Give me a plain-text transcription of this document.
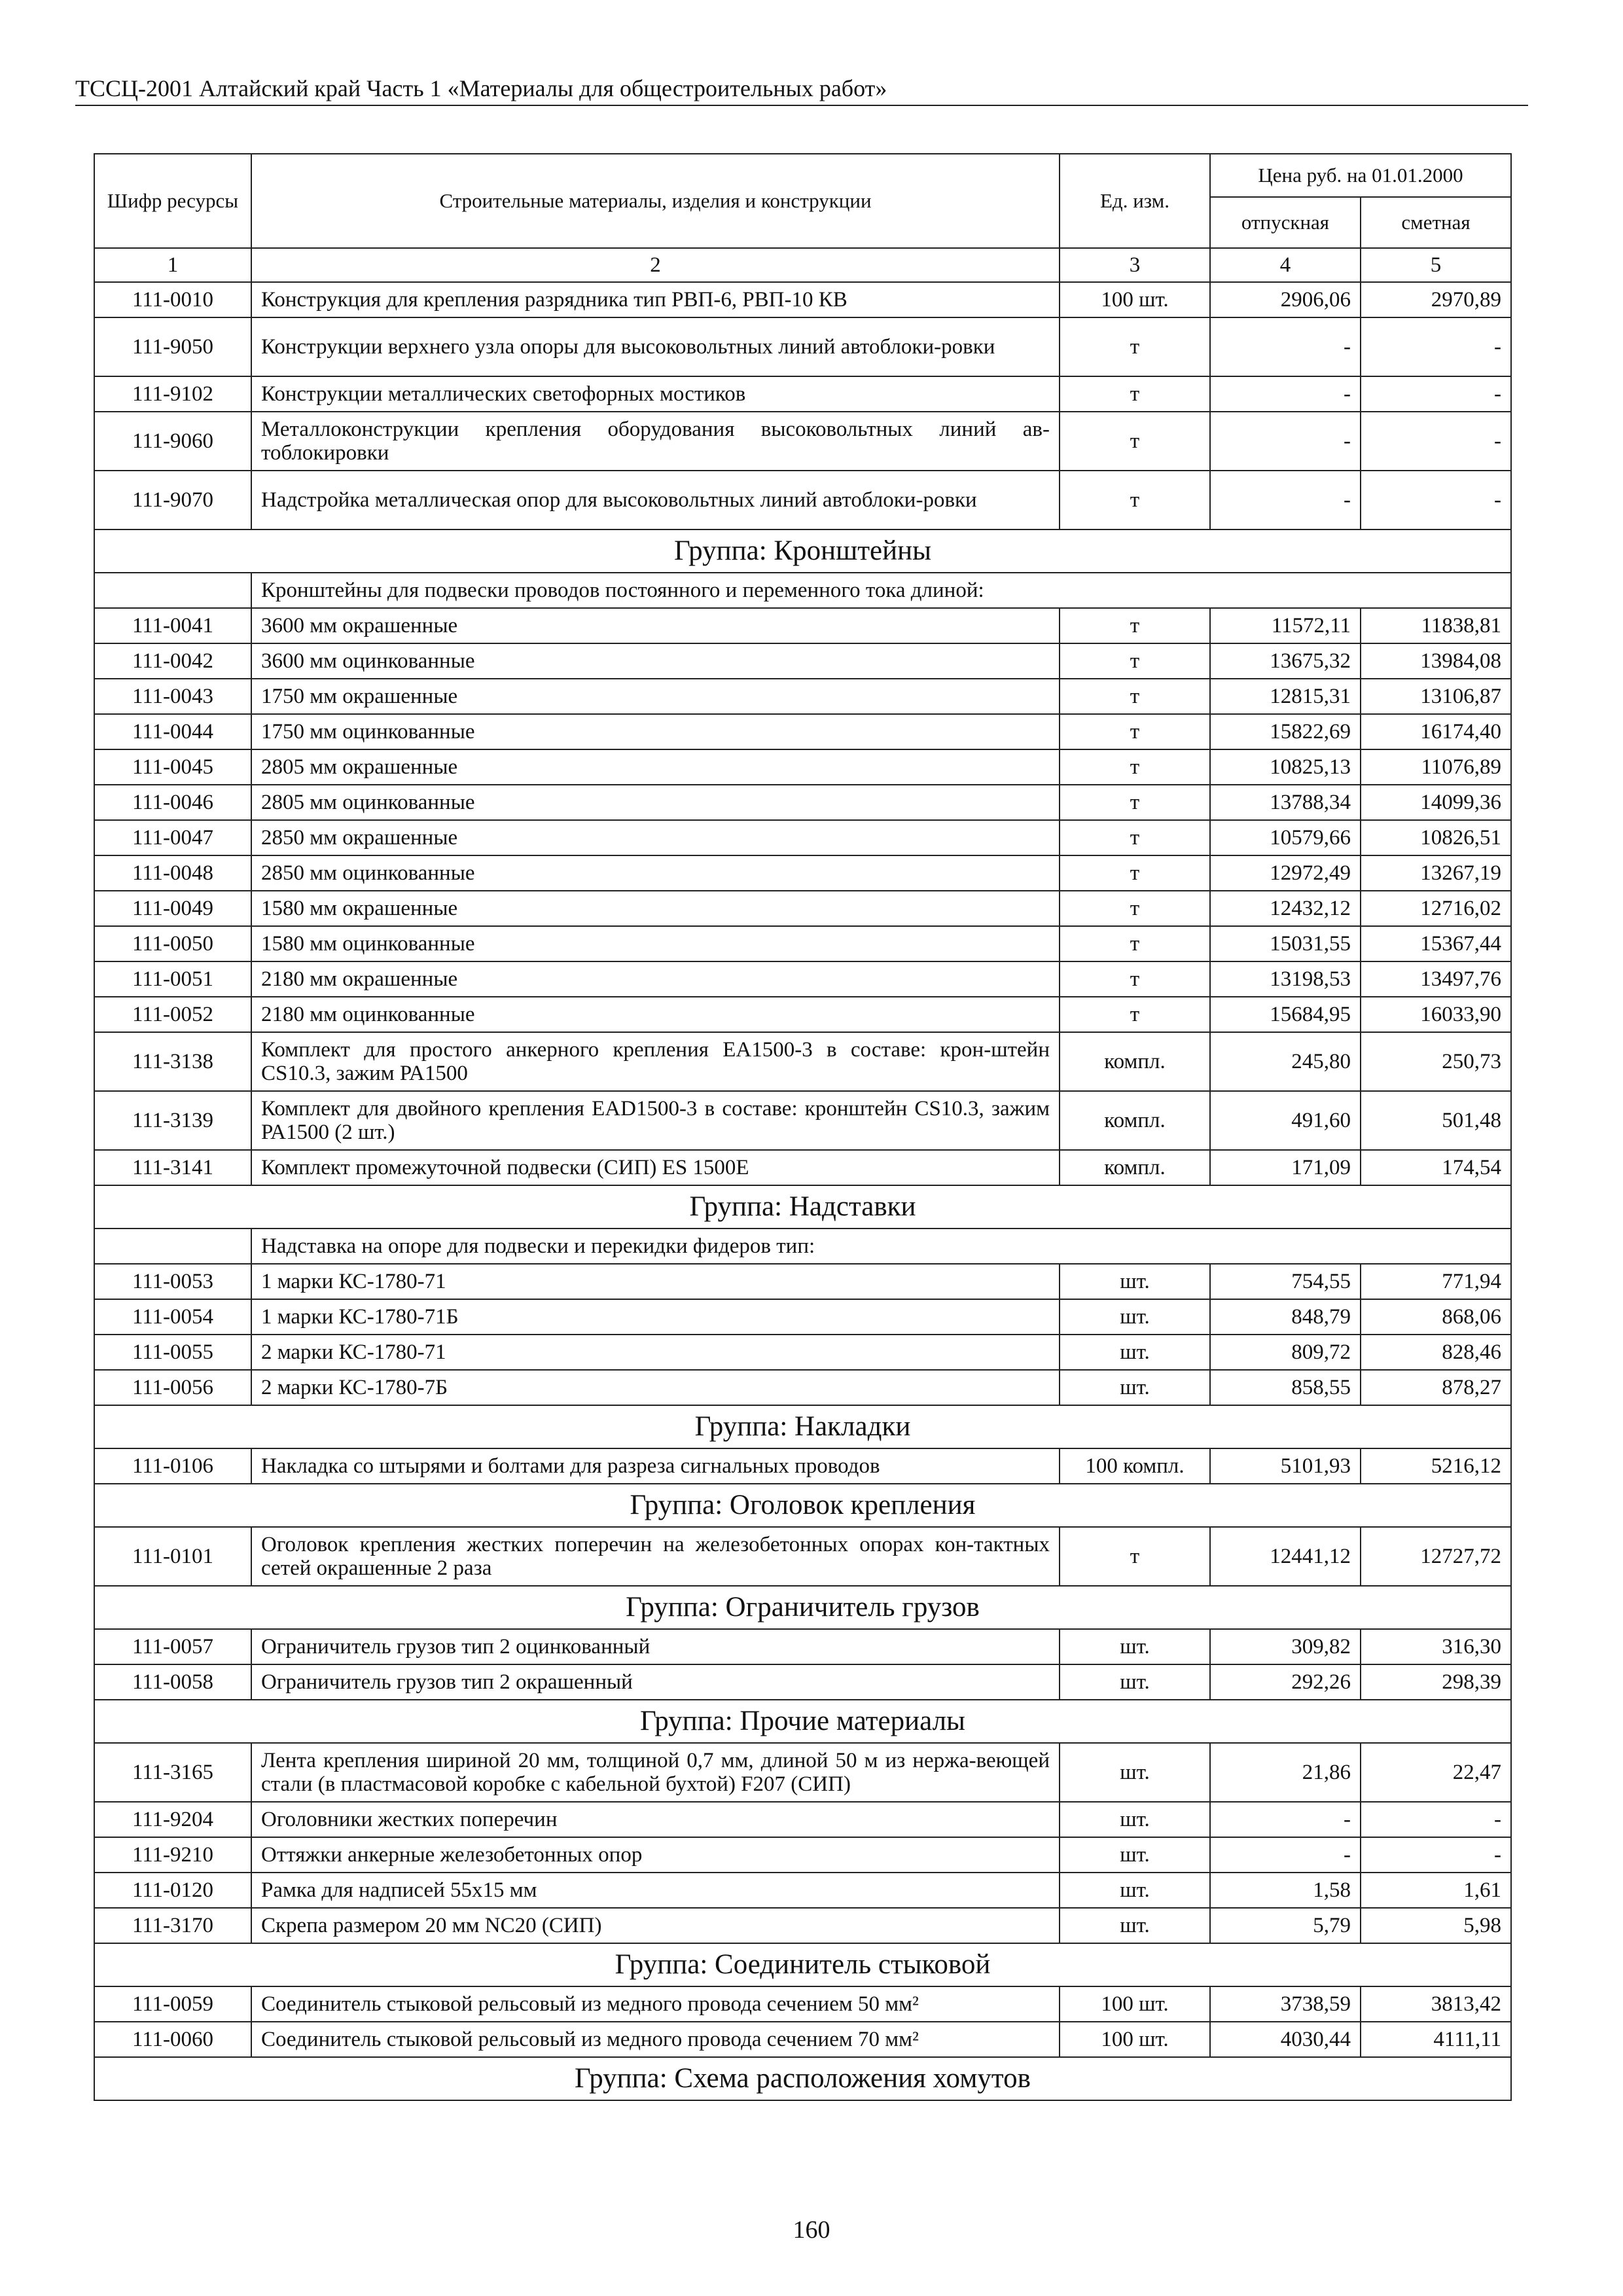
ТССЦ-2001 Алтайский край Часть 1 «Материалы для общестроительных работ»
Шифр ресурсы	Строительные материалы, изделия и конструкции	Ед. изм.	Цена руб. на 01.01.2000	
			отпускная	сметная
1	2	3	4	5
111-0010	Конструкция для крепления разрядника тип РВП-6, РВП-10 КВ	100 шт.	2906,06	2970,89
111-9050	Конструкции верхнего узла опоры для высоковольтных линий автоблоки-ровки	т	-	-
111-9102	Конструкции металлических светофорных мостиков	т	-	-
111-9060	Металлоконструкции крепления оборудования высоковольтных линий ав-тоблокировки	т	-	-
111-9070	Надстройка металлическая опор для высоковольтных линий автоблоки-ровки	т	-	-
Группа: Кронштейны				
	Кронштейны для подвески проводов постоянного и переменного тока длиной:			
111-0041	3600 мм окрашенные	т	11572,11	11838,81
111-0042	3600 мм оцинкованные	т	13675,32	13984,08
111-0043	1750 мм окрашенные	т	12815,31	13106,87
111-0044	1750 мм оцинкованные	т	15822,69	16174,40
111-0045	2805 мм окрашенные	т	10825,13	11076,89
111-0046	2805 мм оцинкованные	т	13788,34	14099,36
111-0047	2850 мм окрашенные	т	10579,66	10826,51
111-0048	2850 мм оцинкованные	т	12972,49	13267,19
111-0049	1580 мм окрашенные	т	12432,12	12716,02
111-0050	1580 мм оцинкованные	т	15031,55	15367,44
111-0051	2180 мм окрашенные	т	13198,53	13497,76
111-0052	2180 мм оцинкованные	т	15684,95	16033,90
111-3138	Комплект для простого анкерного крепления ЕА1500-3 в составе: крон-штейн CS10.3, зажим РА1500	компл.	245,80	250,73
111-3139	Комплект для двойного крепления EAD1500-3 в составе: кронштейн CS10.3, зажим РА1500 (2 шт.)	компл.	491,60	501,48
111-3141	Комплект промежуточной подвески (СИП) ES 1500Е	компл.	171,09	174,54
Группа: Надставки				
	Надставка на опоре для подвески и перекидки фидеров тип:			
111-0053	1 марки КС-1780-71	шт.	754,55	771,94
111-0054	1 марки КС-1780-71Б	шт.	848,79	868,06
111-0055	2 марки КС-1780-71	шт.	809,72	828,46
111-0056	2 марки КС-1780-7Б	шт.	858,55	878,27
Группа: Накладки				
111-0106	Накладка со штырями и болтами для разреза сигнальных проводов	100 компл.	5101,93	5216,12
Группа: Оголовок крепления				
111-0101	Оголовок крепления жестких поперечин на железобетонных опорах кон-тактных сетей окрашенные 2 раза	т	12441,12	12727,72
Группа: Ограничитель грузов				
111-0057	Ограничитель грузов тип 2 оцинкованный	шт.	309,82	316,30
111-0058	Ограничитель грузов тип 2 окрашенный	шт.	292,26	298,39
Группа: Прочие материалы				
111-3165	Лента крепления шириной 20 мм, толщиной 0,7 мм, длиной 50 м из нержа-веющей стали (в пластмасовой коробке с кабельной бухтой) F207 (СИП)	шт.	21,86	22,47
111-9204	Оголовники жестких поперечин	шт.	-	-
111-9210	Оттяжки анкерные железобетонных опор	шт.	-	-
111-0120	Рамка для надписей 55х15 мм	шт.	1,58	1,61
111-3170	Скрепа размером 20 мм NC20 (СИП)	шт.	5,79	5,98
Группа: Соединитель стыковой				
111-0059	Соединитель стыковой рельсовый из медного провода сечением 50 мм²	100 шт.	3738,59	3813,42
111-0060	Соединитель стыковой рельсовый из медного провода сечением 70 мм²	100 шт.	4030,44	4111,11
Группа: Схема расположения хомутов				
160
